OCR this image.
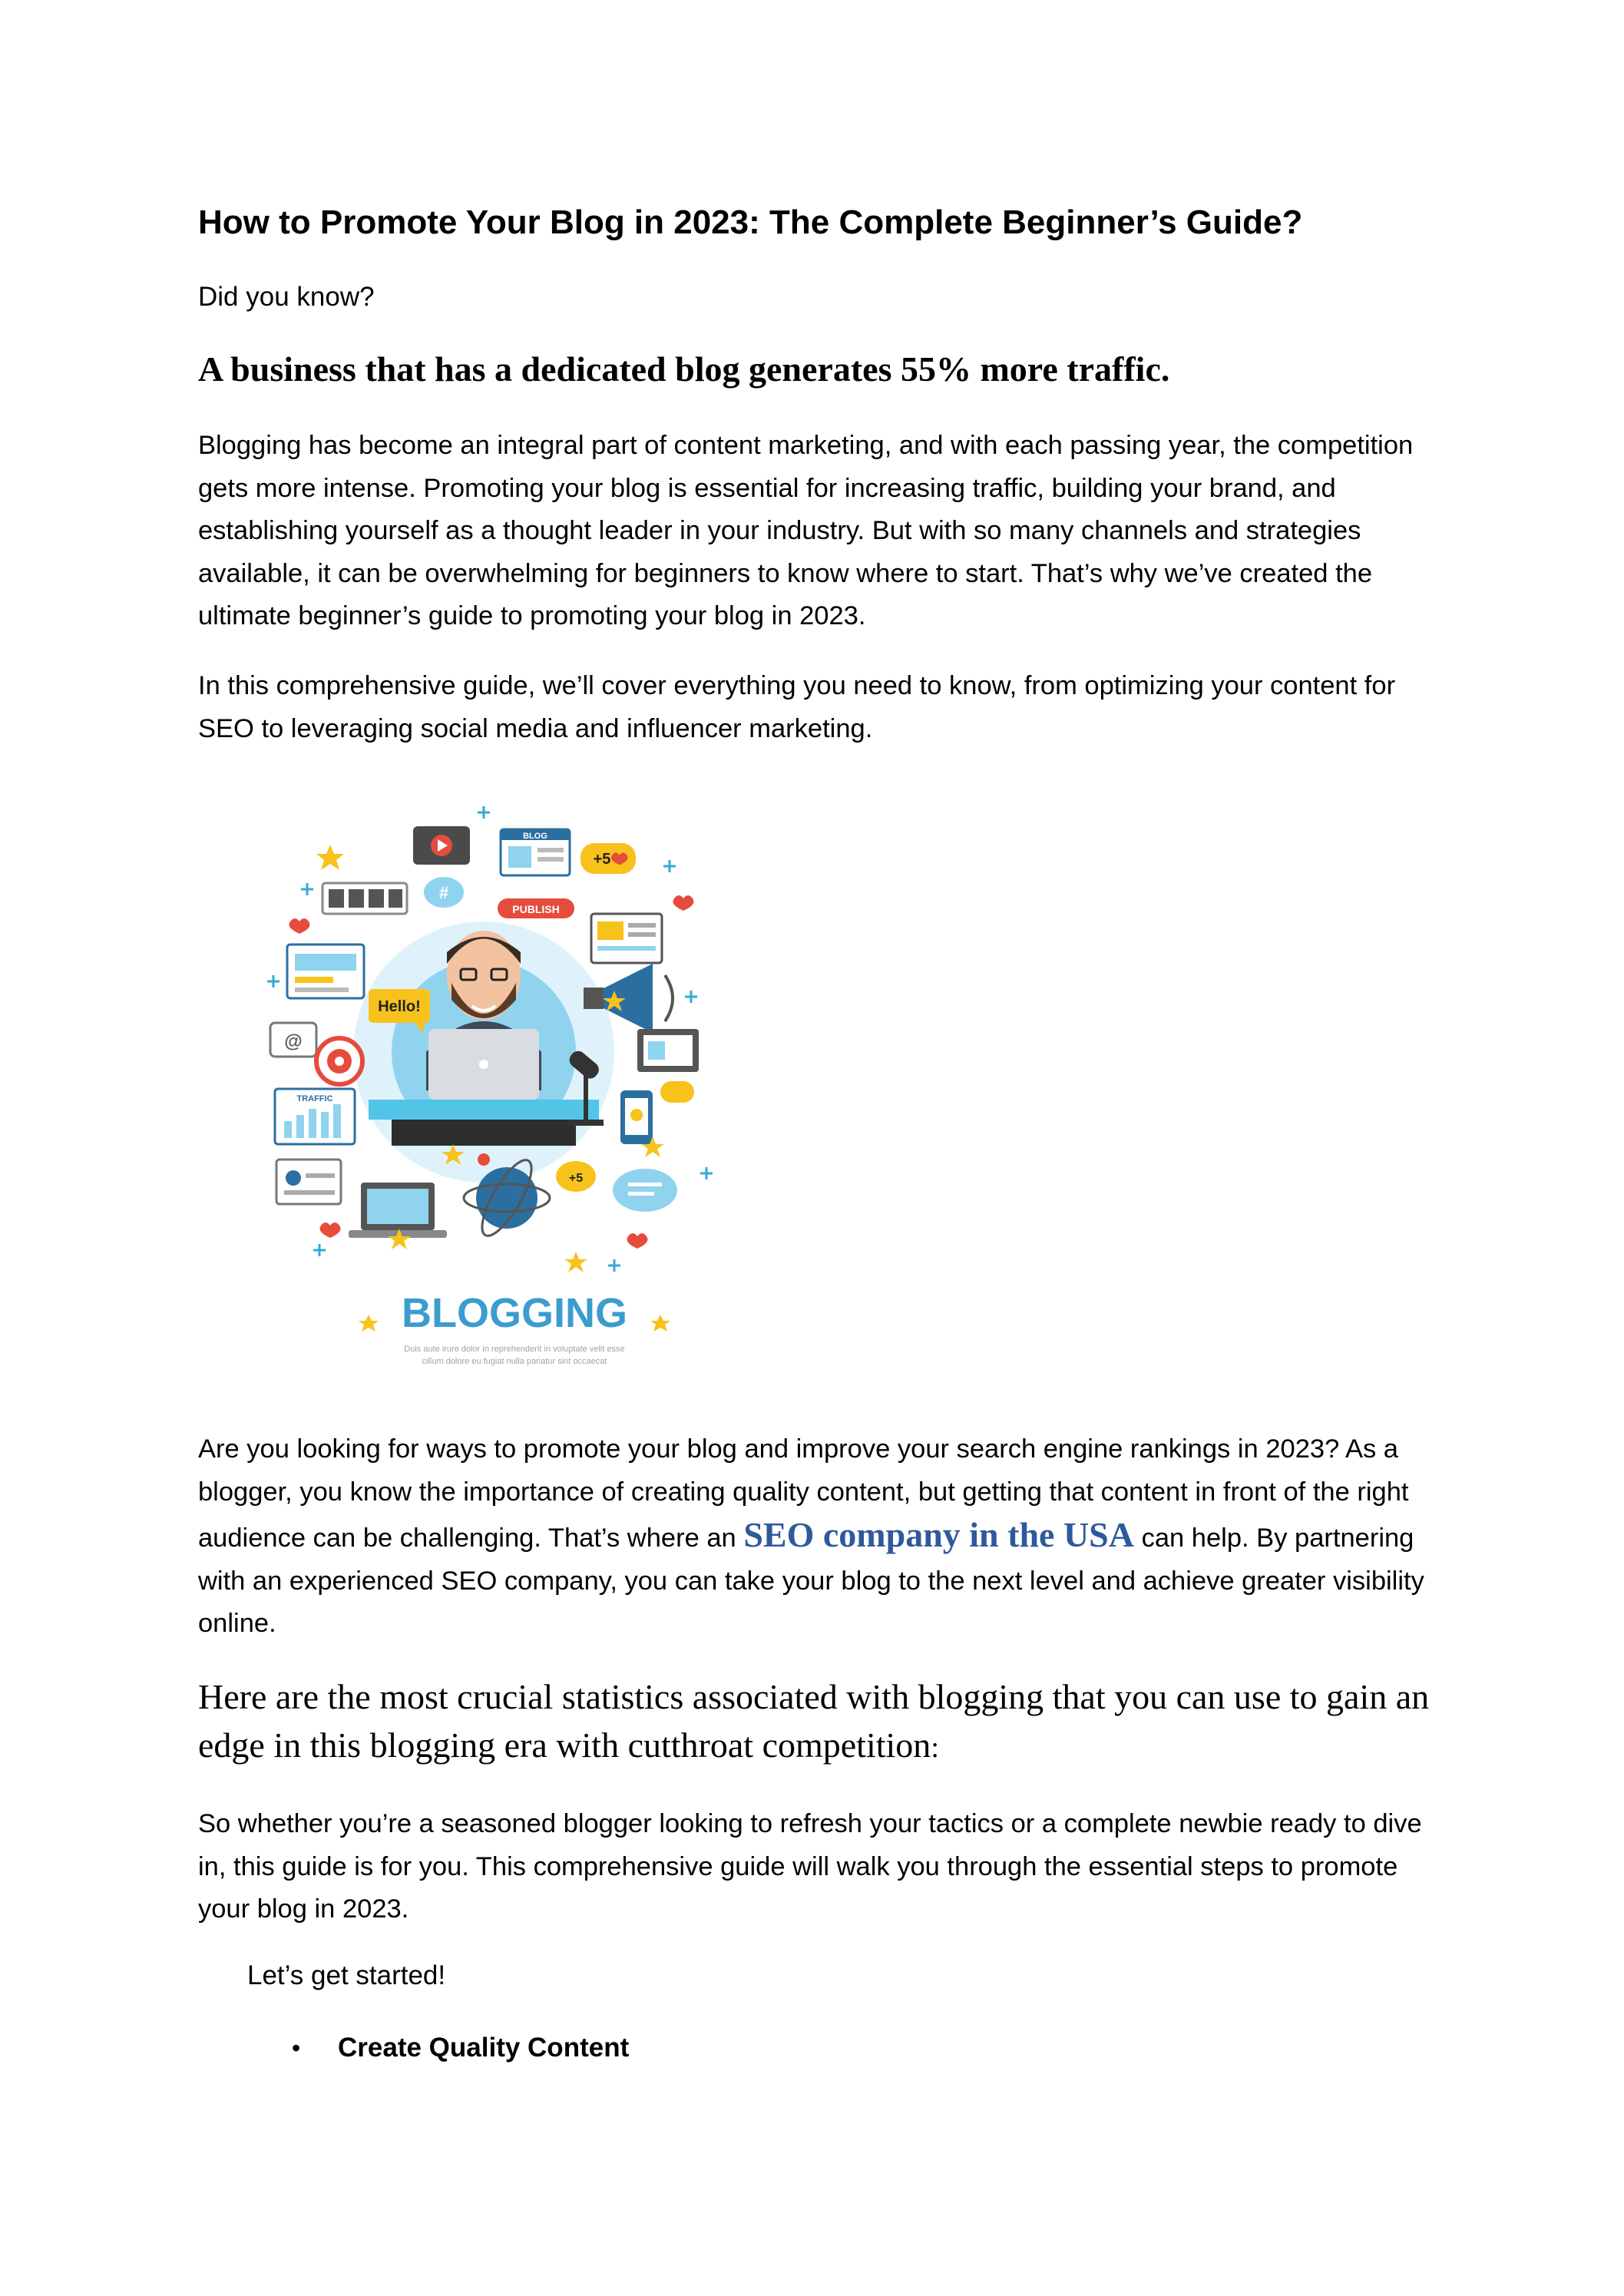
How to Promote Your Blog in 2023: The Complete Beginner’s Guide?
Did you know?
A business that has a dedicated blog generates 55% more traffic.

Blogging has become an integral part of content marketing, and with each passing year, the competition gets more intense. Promoting your blog is essential for increasing traffic, building your brand, and establishing yourself as a thought leader in your industry. But with so many channels and strategies available, it can be overwhelming for beginners to know where to start. That’s why we’ve created the ultimate beginner’s guide to promoting your blog in 2023.

In this comprehensive guide, we’ll cover everything you need to know, from optimizing your content for SEO to leveraging social media and influencer marketing.

Hello!
PUBLISH
BLOG
+5
#
@
TRAFFIC
+5
BLOGGING
Duis aute irure dolor in reprehenderit in voluptate velit esse
cillum dolore eu fugiat nulla pariatur sint occaecat

Are you looking for ways to promote your blog and improve your search engine rankings in 2023? As a blogger, you know the importance of creating quality content, but getting that content in front of the right audience can be challenging. That’s where an SEO company in the USA can help. By partnering with an experienced SEO company, you can take your blog to the next level and achieve greater visibility online.

Here are the most crucial statistics associated with blogging that you can use to gain an edge in this blogging era with cutthroat competition:

So whether you’re a seasoned blogger looking to refresh your tactics or a complete newbie ready to dive in, this guide is for you. This comprehensive guide will walk you through the essential steps to promote your blog in 2023.

Let’s get started!
• Create Quality Content
